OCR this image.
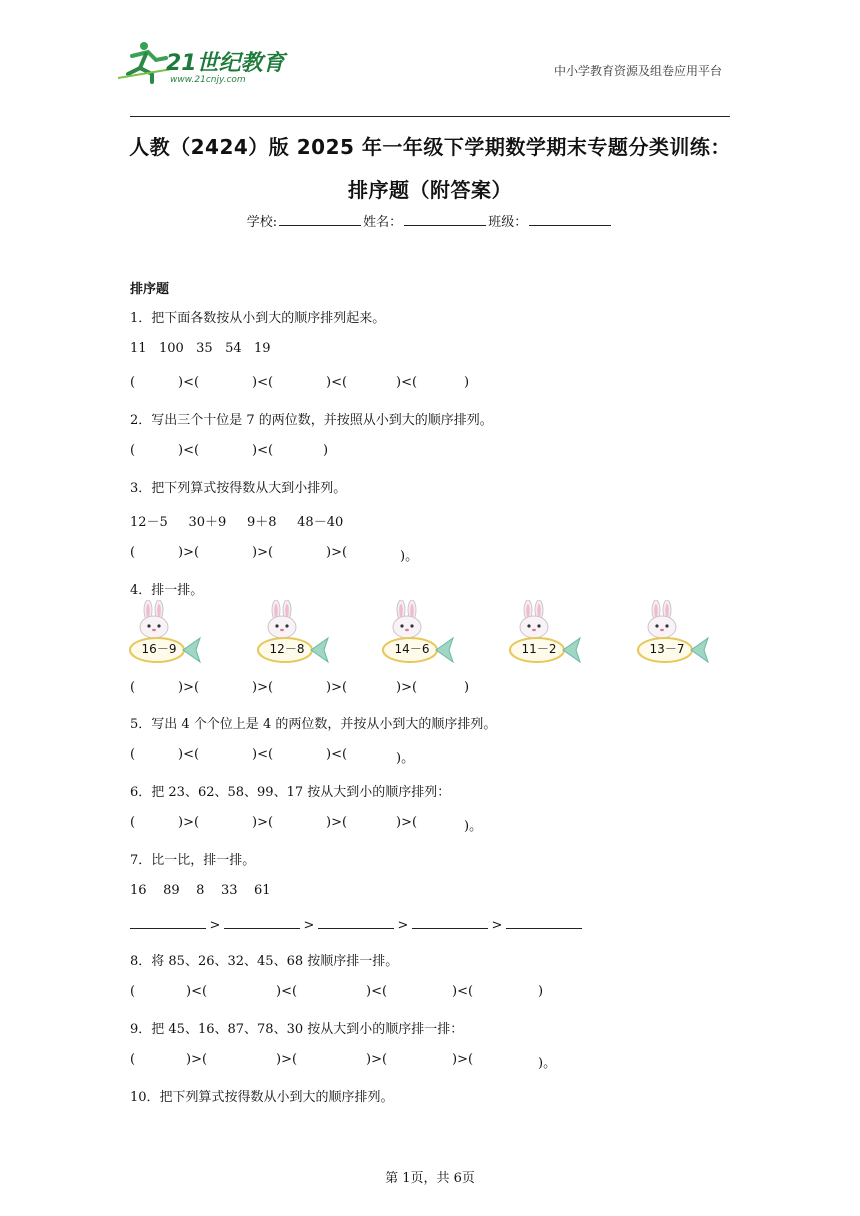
21世纪教育
www.21cnjy.com
中小学教育资源及组卷应用平台
人教（2424）版 2025 年一年级下学期数学期末专题分类训练：
排序题（附答案）
学校:	姓名：	班级：
排序题
1．把下面各数按从小到大的顺序排列起来。
11   100   35   54   19
(	)<(	)<(	)<(	)<(	)
2．写出三个十位是 7 的两位数，并按照从小到大的顺序排列。
(	)<(	)<(	)
3．把下列算式按得数从大到小排列。
12－5     30＋9     9＋8     48－40
(	)>(	)>(	)>(	)。
4．排一排。
16－9	12－8	14－6	11－2	13－7
(	)>(	)>(	)>(	)>(	)
5．写出 4 个个位上是 4 的两位数，并按从小到大的顺序排列。
(	)<(	)<(	)<(	)。
6．把 23、62、58、99、17 按从大到小的顺序排列：
(	)>(	)>(	)>(	)>(	)。
7．比一比，排一排。
16    89    8    33    61
>	>	>	>
8．将 85、26、32、45、68 按顺序排一排。
(	)<(	)<(	)<(	)<(	)
9．把 45、16、87、78、30 按从大到小的顺序排一排：
(	)>(	)>(	)>(	)>(	)。
10．把下列算式按得数从小到大的顺序排列。
第 1页，共 6页
